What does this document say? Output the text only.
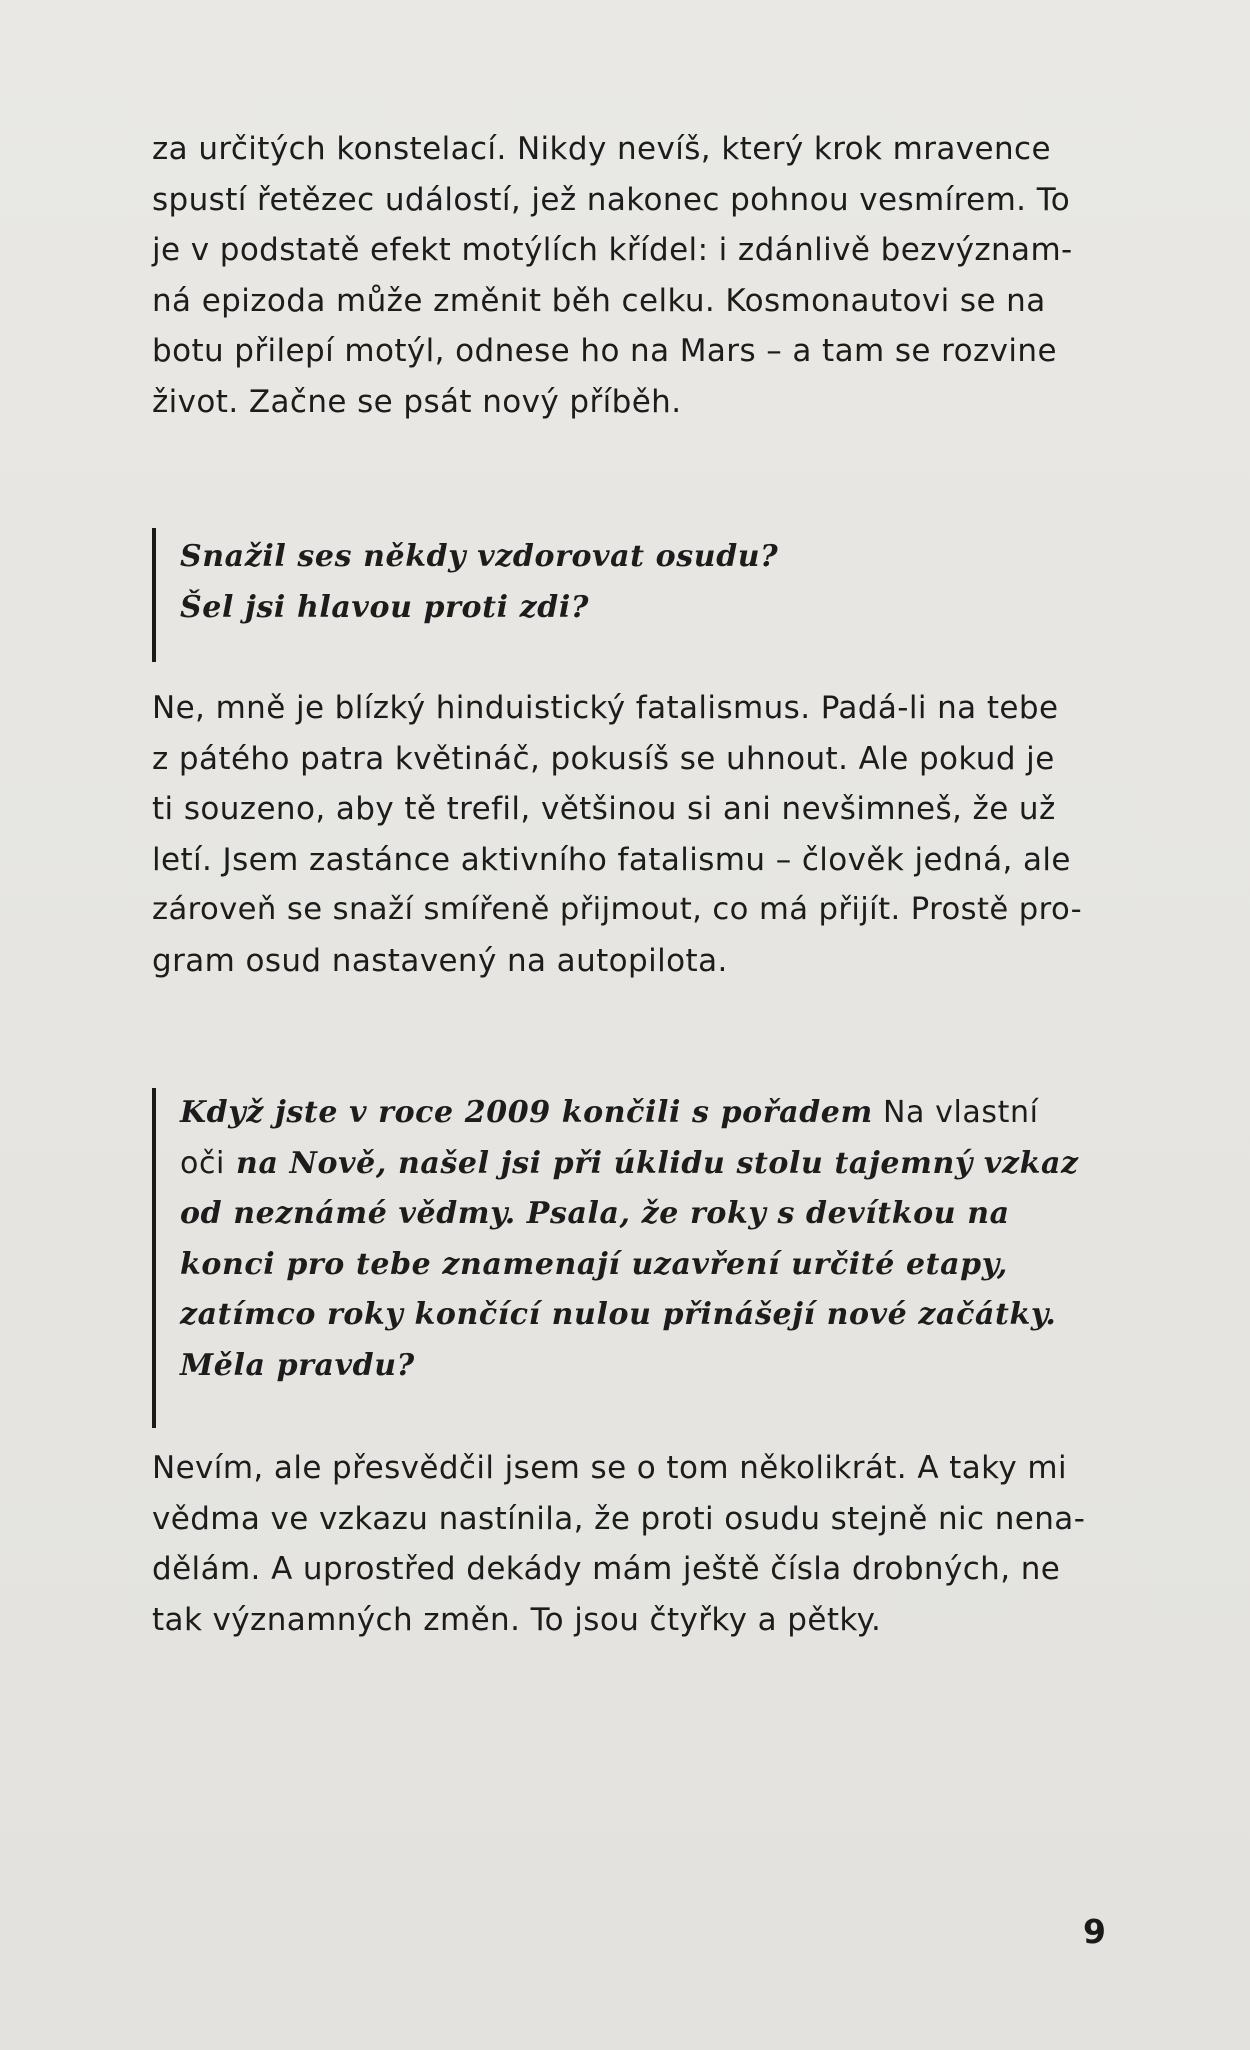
za určitých konstelací. Nikdy nevíš, který krok mravence
spustí řetězec událostí, jež nakonec pohnou vesmírem. To
je v podstatě efekt motýlích křídel: i zdánlivě bezvýznam-
ná epizoda může změnit běh celku. Kosmonautovi se na
botu přilepí motýl, odnese ho na Mars – a tam se rozvine
život. Začne se psát nový příběh.
Snažil ses někdy vzdorovat osudu?
Šel jsi hlavou proti zdi?
Ne, mně je blízký hinduistický fatalismus. Padá-li na tebe
z pátého patra květináč, pokusíš se uhnout. Ale pokud je
ti souzeno, aby tě trefil, většinou si ani nevšimneš, že už
letí. Jsem zastánce aktivního fatalismu – člověk jedná, ale
zároveň se snaží smířeně přijmout, co má přijít. Prostě pro-
gram osud nastavený na autopilota.
Když jste v roce 2009 končili s pořadem Na vlastní
oči na Nově, našel jsi při úklidu stolu tajemný vzkaz
od neznámé vědmy. Psala, že roky s devítkou na
konci pro tebe znamenají uzavření určité etapy,
zatímco roky končící nulou přinášejí nové začátky.
Měla pravdu?
Nevím, ale přesvědčil jsem se o tom několikrát. A taky mi
vědma ve vzkazu nastínila, že proti osudu stejně nic nena-
dělám. A uprostřed dekády mám ještě čísla drobných, ne
tak významných změn. To jsou čtyřky a pětky.
9
